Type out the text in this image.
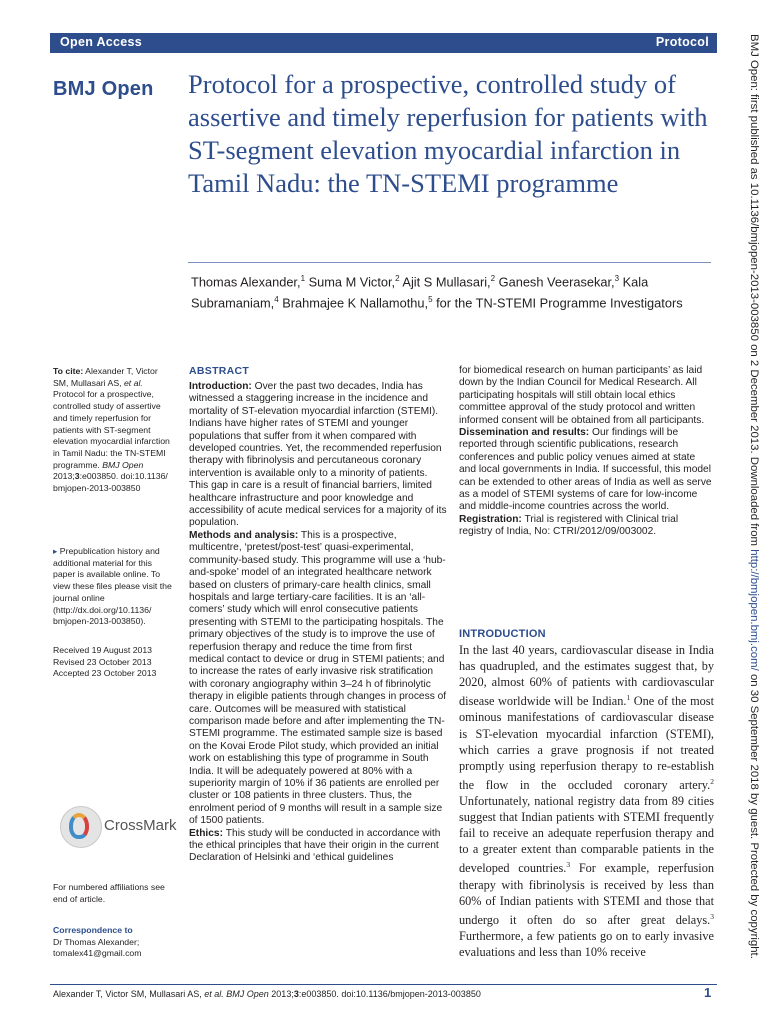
Open Access	Protocol
BMJ Open Protocol for a prospective, controlled study of assertive and timely reperfusion for patients with ST-segment elevation myocardial infarction in Tamil Nadu: the TN-STEMI programme
Thomas Alexander,$^1$ Suma M Victor,$^2$ Ajit S Mullasari,$^2$ Ganesh Veerasekar,$^3$ Kala Subramaniam,$^4$ Brahmajee K Nallamothu,$^5$ for the TN-STEMI Programme Investigators
To cite: Alexander T, Victor SM, Mullasari AS, et al. Protocol for a prospective, controlled study of assertive and timely reperfusion for patients with ST-segment elevation myocardial infarction in Tamil Nadu: the TN-STEMI programme. BMJ Open 2013;3:e003850. doi:10.1136/ bmjopen-2013-003850
▸ Prepublication history and additional material for this paper is available online. To view these files please visit the journal online (http://dx.doi.org/10.1136/ bmjopen-2013-003850).
Received 19 August 2013
Revised 23 October 2013
Accepted 23 October 2013
CrossMark
For numbered affiliations see end of article.
Correspondence to
Dr Thomas Alexander;
tomalex41@gmail.com
ABSTRACT

Introduction: Over the past two decades, India has witnessed a staggering increase in the incidence and mortality of ST-elevation myocardial infarction (STEMI). Indians have higher rates of STEMI and younger populations that suffer from it when compared with developed countries. Yet, the recommended reperfusion therapy with fibrinolysis and percutaneous coronary intervention is available only to a minority of patients. This gap in care is a result of financial barriers, limited healthcare infrastructure and poor knowledge and accessibility of acute medical services for a majority of its population.

Methods and analysis: This is a prospective, multicentre, ‘pretest/post-test’ quasi-experimental, community-based study. This programme will use a ‘hub-and-spoke’ model of an integrated healthcare network based on clusters of primary-care health clinics, small hospitals and large tertiary-care facilities. It is an ‘all-comers’ study which will enrol consecutive patients presenting with STEMI to the participating hospitals. The primary objectives of the study is to improve the use of reperfusion therapy and reduce the time from first medical contact to device or drug in STEMI patients; and to increase the rates of early invasive risk stratification with coronary angiography within 3–24 h of fibrinolytic therapy in eligible patients through changes in process of care. Outcomes will be measured with statistical comparison made before and after implementing the TN-STEMI programme. The estimated sample size is based on the Kovai Erode Pilot study, which provided an initial work on establishing this type of programme in South India. It will be adequately powered at 80% with a superiority margin of 10% if 36 patients are enrolled per cluster or 108 patients in three clusters. Thus, the enrolment period of 9 months will result in a sample size of 1500 patients.

Ethics: This study will be conducted in accordance with the ethical principles that have their origin in the current Declaration of Helsinki and ‘ethical guidelines

for biomedical research on human participants’ as laid down by the Indian Council for Medical Research. All participating hospitals will still obtain local ethics committee approval of the study protocol and written informed consent will be obtained from all participants.

Dissemination and results: Our findings will be reported through scientific publications, research conferences and public policy venues aimed at state and local governments in India. If successful, this model can be extended to other areas of India as well as serve as a model of STEMI systems of care for low-income and middle-income countries across the world.

Registration: Trial is registered with Clinical trial registry of India, No: CTRI/2012/09/003002.

INTRODUCTION
In the last 40 years, cardiovascular disease in India has quadrupled, and the estimates suggest that, by 2020, almost 60% of patients with cardiovascular disease worldwide will be Indian.$^1$ One of the most ominous manifestations of cardiovascular disease is ST-elevation myocardial infarction (STEMI), which carries a grave prognosis if not treated promptly using reperfusion therapy to re-establish the flow in the occluded coronary artery.$^2$ Unfortunately, national registry data from 89 cities suggest that Indian patients with STEMI frequently fail to receive an adequate reperfusion therapy and to a greater extent than comparable patients in the developed countries.$^3$ For example, reperfusion therapy with fibrinolysis is received by less than 60% of Indian patients with STEMI and those that undergo it often do so after great delays.$^3$ Furthermore, a few patients go on to early invasive evaluations and less than 10% receive
Alexander T, Victor SM, Mullasari AS, et al. BMJ Open 2013;3:e003850. doi:10.1136/bmjopen-2013-003850	1
BMJ Open: first published as 10.1136/bmjopen-2013-003850 on 2 December 2013. Downloaded from http://bmjopen.bmj.com/ on 30 September 2018 by guest. Protected by copyright.
